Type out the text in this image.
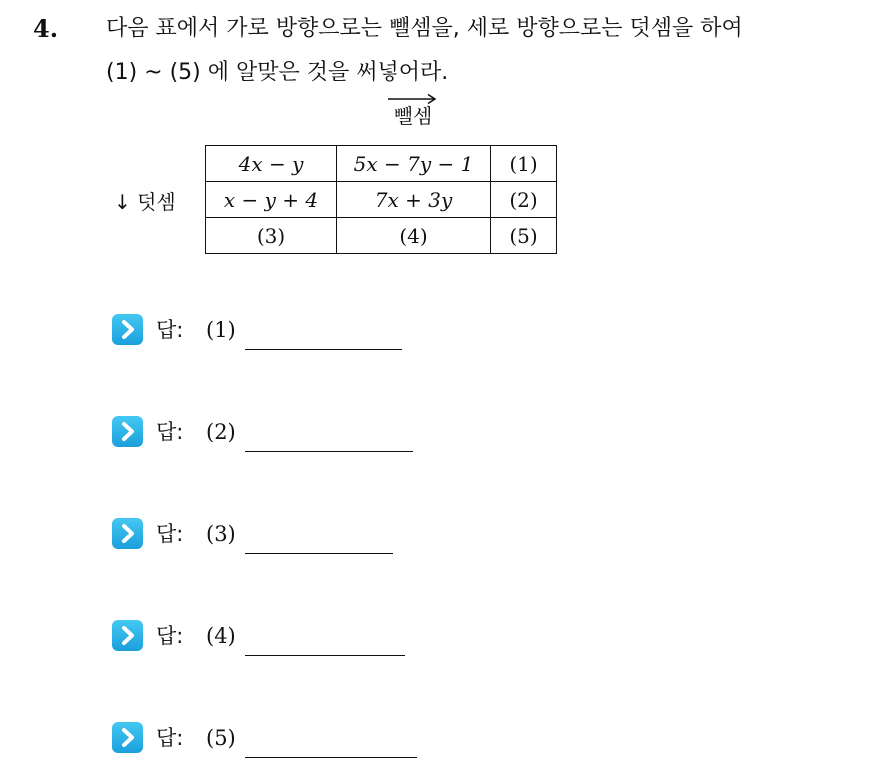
4. 다음 표에서 가로 방향으로는 뺄셈을, 세로 방향으로는 덧셈을 하여
(1) ~ (5) 에 알맞은 것을 써넣어라.
뺄셈
↓ 덧셈
4x − y	5x − 7y − 1	(1)
x − y + 4	7x + 3y	(2)
(3)	(4)	(5)
답: (1)
답: (2)
답: (3)
답: (4)
답: (5)
